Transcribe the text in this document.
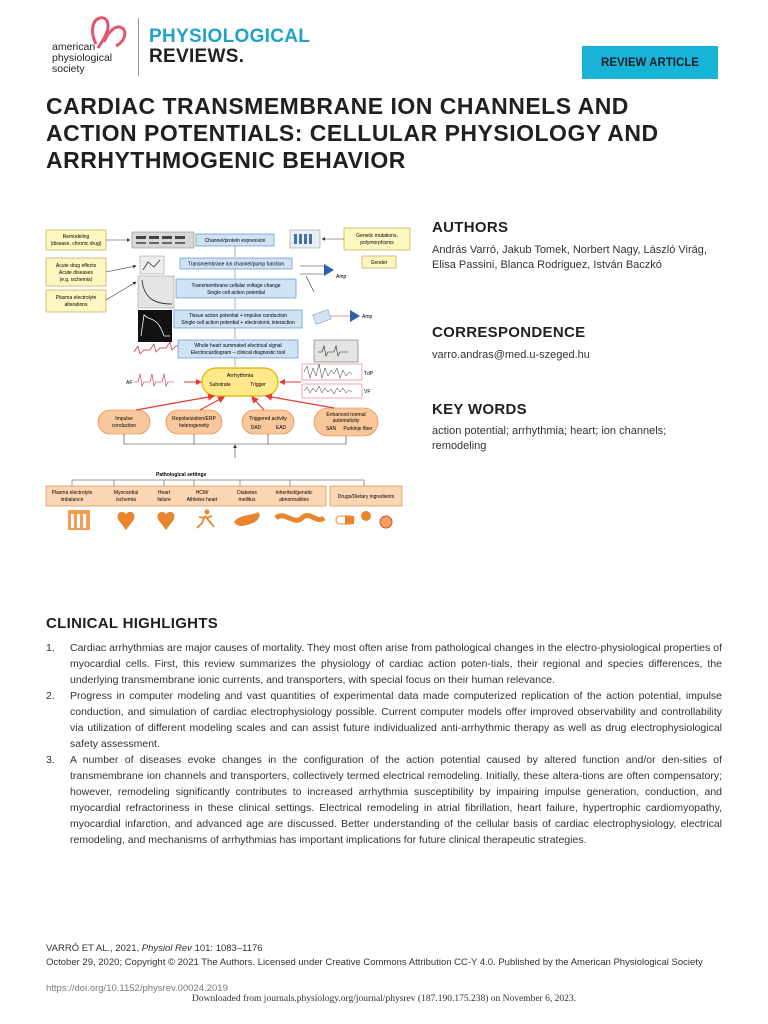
american
physiological
society
PHYSIOLOGICAL
REVIEWS.	REVIEW ARTICLE
CARDIAC TRANSMEMBRANE ION CHANNELS AND ACTION POTENTIALS: CELLULAR PHYSIOLOGY AND ARRHYTHMOGENIC BEHAVIOR
AUTHORS
András Varró, Jakub Tomek, Norbert Nagy, László Virág, Elisa Passini, Blanca Rodriguez, István Baczkó
CORRESPONDENCE
varro.andras@med.u-szeged.hu
KEY WORDS
action potential; arrhythmia; heart; ion channels; remodeling
Remodeling
(disease, chronic drug)
Acute drug effects
Acute diseases
(e.g. ischemia)
Plasma electrolyte
alterations
Channel/protein expression
Transmembrane ion channel/pump function
Transmembrane cellular voltage change
Single cell action potential
Tissue action potential + impulse conduction
Single cell action potential + electrotonic interaction
Whole heart summated electrical signal
Electrocardiogram – clinical diagnostic tool
Genetic mutations,
polymorphisms
Gender
Amp
Amp
Arrhythmia
Substrate	Trigger
AF
TdP
VF
Impulse
conduction
Repolarization/ERP
heterogeneity
Triggered activity
DAD	EAD
Enhanced normal
automaticity
SAN Purkinje fiber
Pathological settings
Plasma electrolyte
imbalance
Myocardial
ischemia
Heart
failure
HCM/
Athletes heart
Diabetes
mellitus
Inherited/genetic
abnormalities	Drugs/Dietary ingredients
CLINICAL HIGHLIGHTS
1. Cardiac arrhythmias are major causes of mortality. They most often arise from pathological changes in the electro-physiological properties of myocardial cells. First, this review summarizes the physiology of cardiac action poten-tials, their regional and species differences, the underlying transmembrane ionic currents, and transporters, with special focus on their human relevance.
2. Progress in computer modeling and vast quantities of experimental data made computerized replication of the action potential, impulse conduction, and simulation of cardiac electrophysiology possible. Current computer models offer improved observability and controllability via utilization of different modeling scales and can assist future individualized anti-arrhythmic therapy as well as drug electrophysiological safety assessment.
3. A number of diseases evoke changes in the configuration of the action potential caused by altered function and/or den-sities of transmembrane ion channels and transporters, collectively termed electrical remodeling. Initially, these altera-tions are often compensatory; however, remodeling significantly contributes to increased arrhythmia susceptibility by impairing impulse generation, conduction, and myocardial refractoriness in these clinical settings. Electrical remodeling in atrial fibrillation, heart failure, hypertrophic cardiomyopathy, myocardial infarction, and advanced age are discussed. Better understanding of the cellular basis of cardiac electrophysiology, electrical remodeling, and mechanisms of arrhythmias has important implications for future clinical therapeutic strategies.
VARRÓ ET AL., 2021, Physiol Rev 101: 1083–1176
October 29, 2020; Copyright © 2021 The Authors. Licensed under Creative Commons Attribution CC-Y 4.0. Published by the American Physiological Society
https://doi.org/10.1152/physrev.00024.2019
Downloaded from journals.physiology.org/journal/physrev (187.190.175.238) on November 6, 2023.
